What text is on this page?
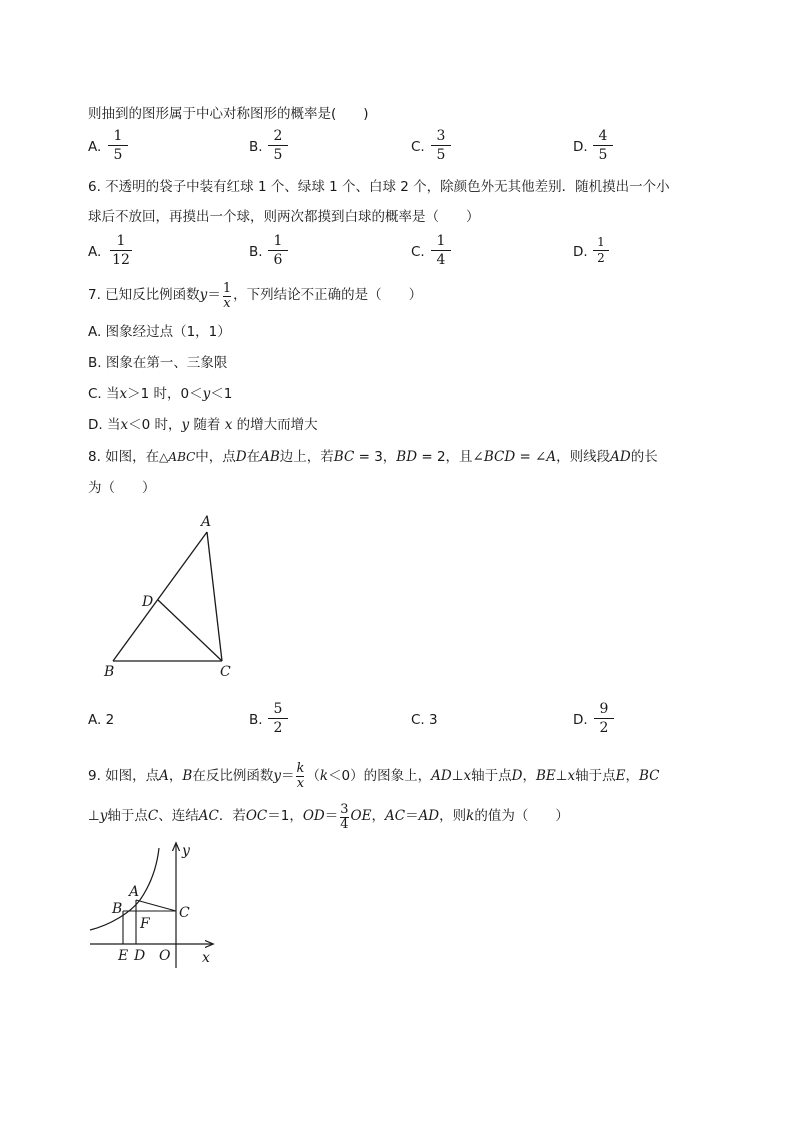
则抽到的图形属于中心对称图形的概率是(　　)
A.
1
5	B.
2
5	C.
3
5	D.
4
5
6. 不透明的袋子中装有红球 1 个、绿球 1 个、白球 2 个，除颜色外无其他差别．随机摸出一个小
球后不放回，再摸出一个球，则两次都摸到白球的概率是（　　）
A.
1
12	B.
1
6	C.
1
4	D.
1
2
7. 已知反比例函数$y= \frac{1}{x}$ ，下列结论不正确的是（　　）
A. 图象经过点（1，1）
B. 图象在第一、三象限
C. 当x＞1 时，0＜y＜1
D. 当x＜0 时，y 随着 x 的增大而增大
8. 如图，在△ABC中，点D在AB边上，若BC = 3，BD = 2，且∠BCD = ∠A，则线段AD的长
为（　　）
A
D
B	C
A. 2	B.
5
2	C. 3	D.
9
2
9. 如图，点A，B在反比例函数$y= \frac{k}{x} (k<0)$的图象上，AD⊥x轴于点D，BE⊥x轴于点E，BC
⊥y轴于点C、连结AC．若OC＝1，$OD= \frac{3}{4}$ OE，AC＝AD，则k的值为（　　）
y
x
A
B	C
F
E D O
